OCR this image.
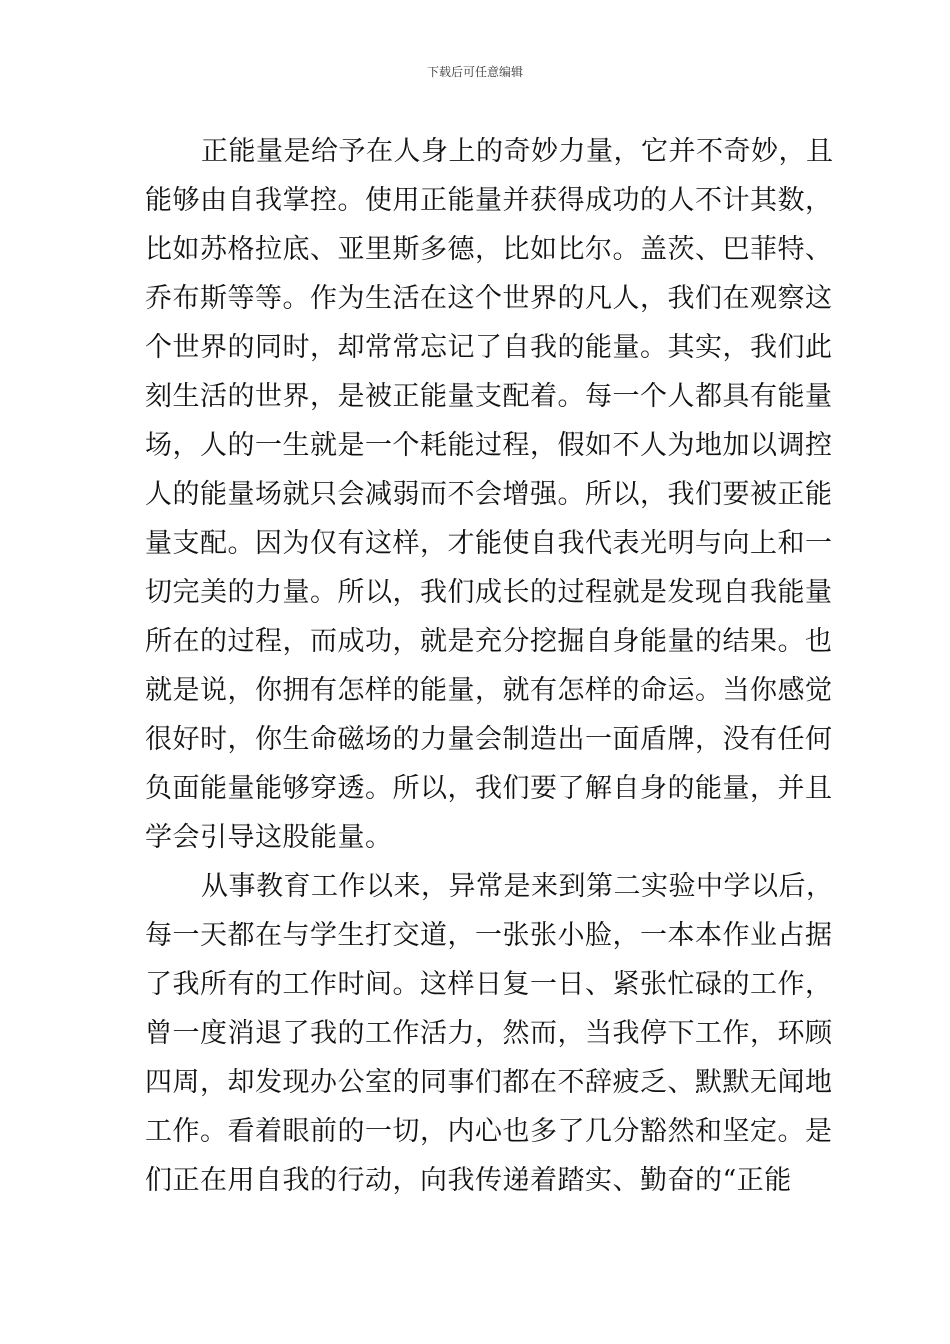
下载后可任意编辑
正能量是给予在人身上的奇妙力量，它并不奇妙，且
能够由自我掌控。使用正能量并获得成功的人不计其数，
比如苏格拉底、亚里斯多德，比如比尔。盖茨、巴菲特、
乔布斯等等。作为生活在这个世界的凡人，我们在观察这
个世界的同时，却常常忘记了自我的能量。其实，我们此
刻生活的世界，是被正能量支配着。每一个人都具有能量
场，人的一生就是一个耗能过程，假如不人为地加以调控
人的能量场就只会减弱而不会增强。所以，我们要被正能
量支配。因为仅有这样，才能使自我代表光明与向上和一
切完美的力量。所以，我们成长的过程就是发现自我能量
所在的过程，而成功，就是充分挖掘自身能量的结果。也
就是说，你拥有怎样的能量，就有怎样的命运。当你感觉
很好时，你生命磁场的力量会制造出一面盾牌，没有任何
负面能量能够穿透。所以，我们要了解自身的能量，并且
学会引导这股能量。
从事教育工作以来，异常是来到第二实验中学以后，
每一天都在与学生打交道，一张张小脸，一本本作业占据
了我所有的工作时间。这样日复一日、紧张忙碌的工作，
曾一度消退了我的工作活力，然而，当我停下工作，环顾
四周，却发现办公室的同事们都在不辞疲乏、默默无闻地
工作。看着眼前的一切，内心也多了几分豁然和坚定。是
们正在用自我的行动，向我传递着踏实、勤奋的“正能
